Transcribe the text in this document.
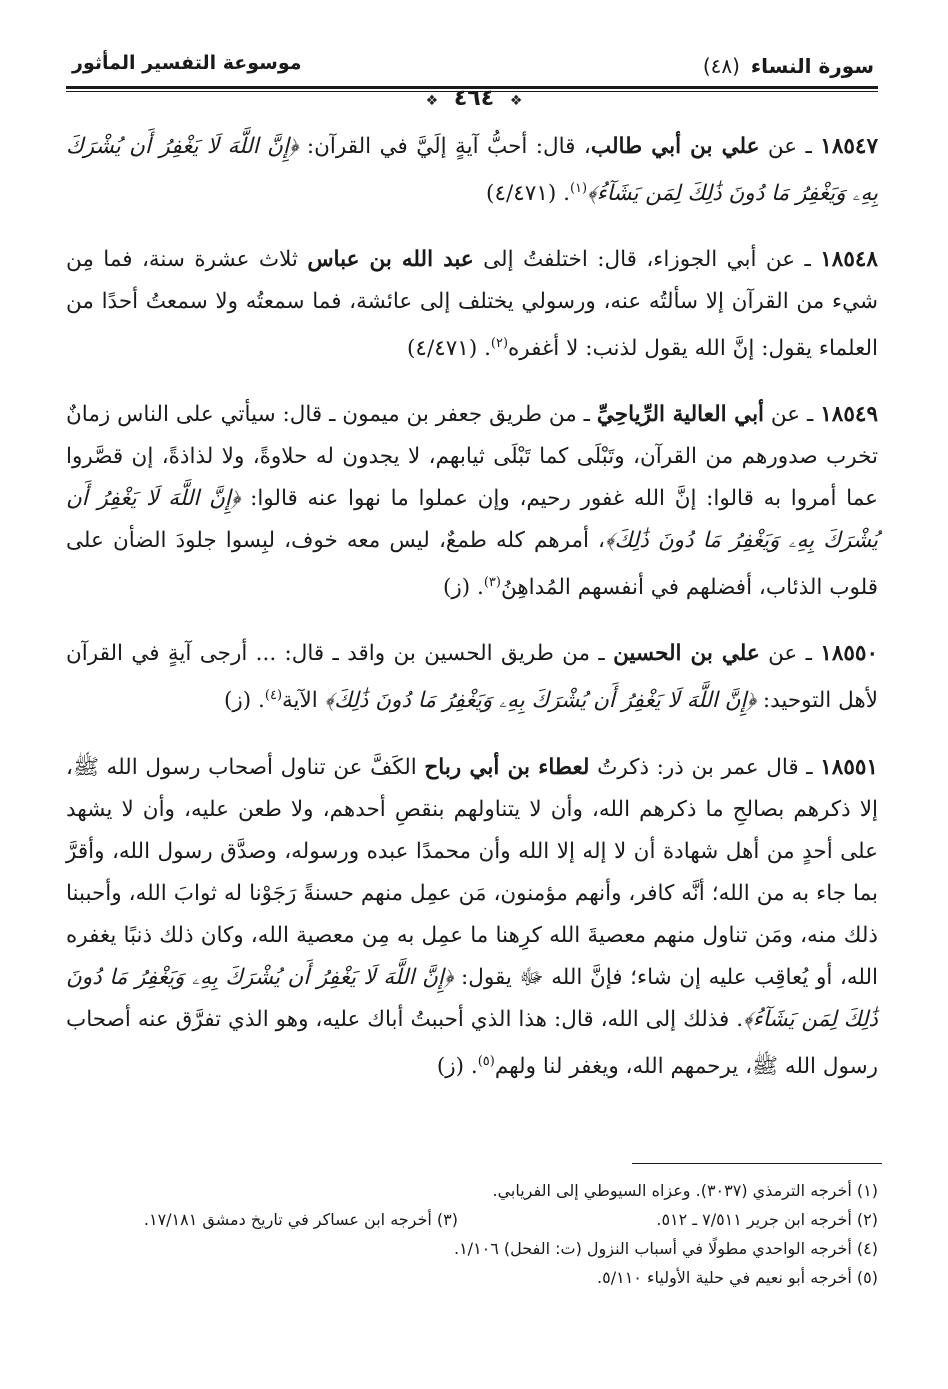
سورة النساء (٤٨)
موسوعة التفسير المأثور
❖ ٤٦٤ ❖

١٨٥٤٧ ـ عن علي بن أبي طالب، قال: أحبُّ آيةٍ إلَيَّ في القرآن: ﴿إِنَّ اللَّهَ لَا يَغْفِرُ أَن يُشْرَكَ بِهِۦ وَيَغْفِرُ مَا دُونَ ذَٰلِكَ لِمَن يَشَآءُ﴾$^{(١)}$. (٤/٤٧١)

١٨٥٤٨ ـ عن أبي الجوزاء، قال: اختلفتُ إلى عبد الله بن عباس ثلاث عشرة سنة، فما مِن شيء من القرآن إلا سألتُه عنه، ورسولي يختلف إلى عائشة، فما سمعتُه ولا سمعتُ أحدًا من العلماء يقول: إنَّ الله يقول لذنب: لا أغفره$^{(٢)}$. (٤/٤٧١)

١٨٥٤٩ ـ عن أبي العالية الرِّياحِيِّ ـ من طريق جعفر بن ميمون ـ قال: سيأتي على الناس زمانٌ تخرب صدورهم من القرآن، وتَبْلَى كما تَبْلَى ثيابهم، لا يجدون له حلاوةً، ولا لذاذةً، إن قصَّروا عما أمروا به قالوا: إنَّ الله غفور رحيم، وإن عملوا ما نهوا عنه قالوا: ﴿إِنَّ اللَّهَ لَا يَغْفِرُ أَن يُشْرَكَ بِهِۦ وَيَغْفِرُ مَا دُونَ ذَٰلِكَ﴾، أمرهم كله طمعٌ، ليس معه خوف، لبِسوا جلودَ الضأن على قلوب الذئاب، أفضلهم في أنفسهم المُداهِنُ$^{(٣)}$. (ز)

١٨٥٥٠ ـ عن علي بن الحسين ـ من طريق الحسين بن واقد ـ قال: ... أرجى آيةٍ في القرآن لأهل التوحيد: ﴿إِنَّ اللَّهَ لَا يَغْفِرُ أَن يُشْرَكَ بِهِۦ وَيَغْفِرُ مَا دُونَ ذَٰلِكَ﴾ الآية$^{(٤)}$. (ز)

١٨٥٥١ ـ قال عمر بن ذر: ذكرتُ لعطاء بن أبي رباح الكَفَّ عن تناول أصحاب رسول الله ﷺ، إلا ذكرهم بصالحِ ما ذكرهم الله، وأن لا يتناولهم بنقصِ أحدهم، ولا طعن عليه، وأن لا يشهد على أحدٍ من أهل شهادة أن لا إله إلا الله وأن محمدًا عبده ورسوله، وصدَّق رسول الله، وأقرَّ بما جاء به من الله؛ أنَّه كافر، وأنهم مؤمنون، مَن عمِل منهم حسنةً رَجَوْنا له ثوابَ الله، وأحببنا ذلك منه، ومَن تناول منهم معصيةَ الله كرِهنا ما عمِل به مِن معصية الله، وكان ذلك ذنبًا يغفره الله، أو يُعاقِب عليه إن شاء؛ فإنَّ الله ﷻ يقول: ﴿إِنَّ اللَّهَ لَا يَغْفِرُ أَن يُشْرَكَ بِهِۦ وَيَغْفِرُ مَا دُونَ ذَٰلِكَ لِمَن يَشَآءُ﴾. فذلك إلى الله، قال: هذا الذي أحببتُ أباك عليه، وهو الذي تفرَّق عنه أصحاب رسول الله ﷺ، يرحمهم الله، ويغفر لنا ولهم$^{(٥)}$. (ز)

(١) أخرجه الترمذي (٣٠٣٧). وعزاه السيوطي إلى الفريابي.
(٢) أخرجه ابن جرير ٧/٥١١ ـ ٥١٢.
(٣) أخرجه ابن عساكر في تاريخ دمشق ١٧/١٨١.
(٤) أخرجه الواحدي مطولًا في أسباب النزول (ت: الفحل) ١/١٠٦.
(٥) أخرجه أبو نعيم في حلية الأولياء ٥/١١٠.
